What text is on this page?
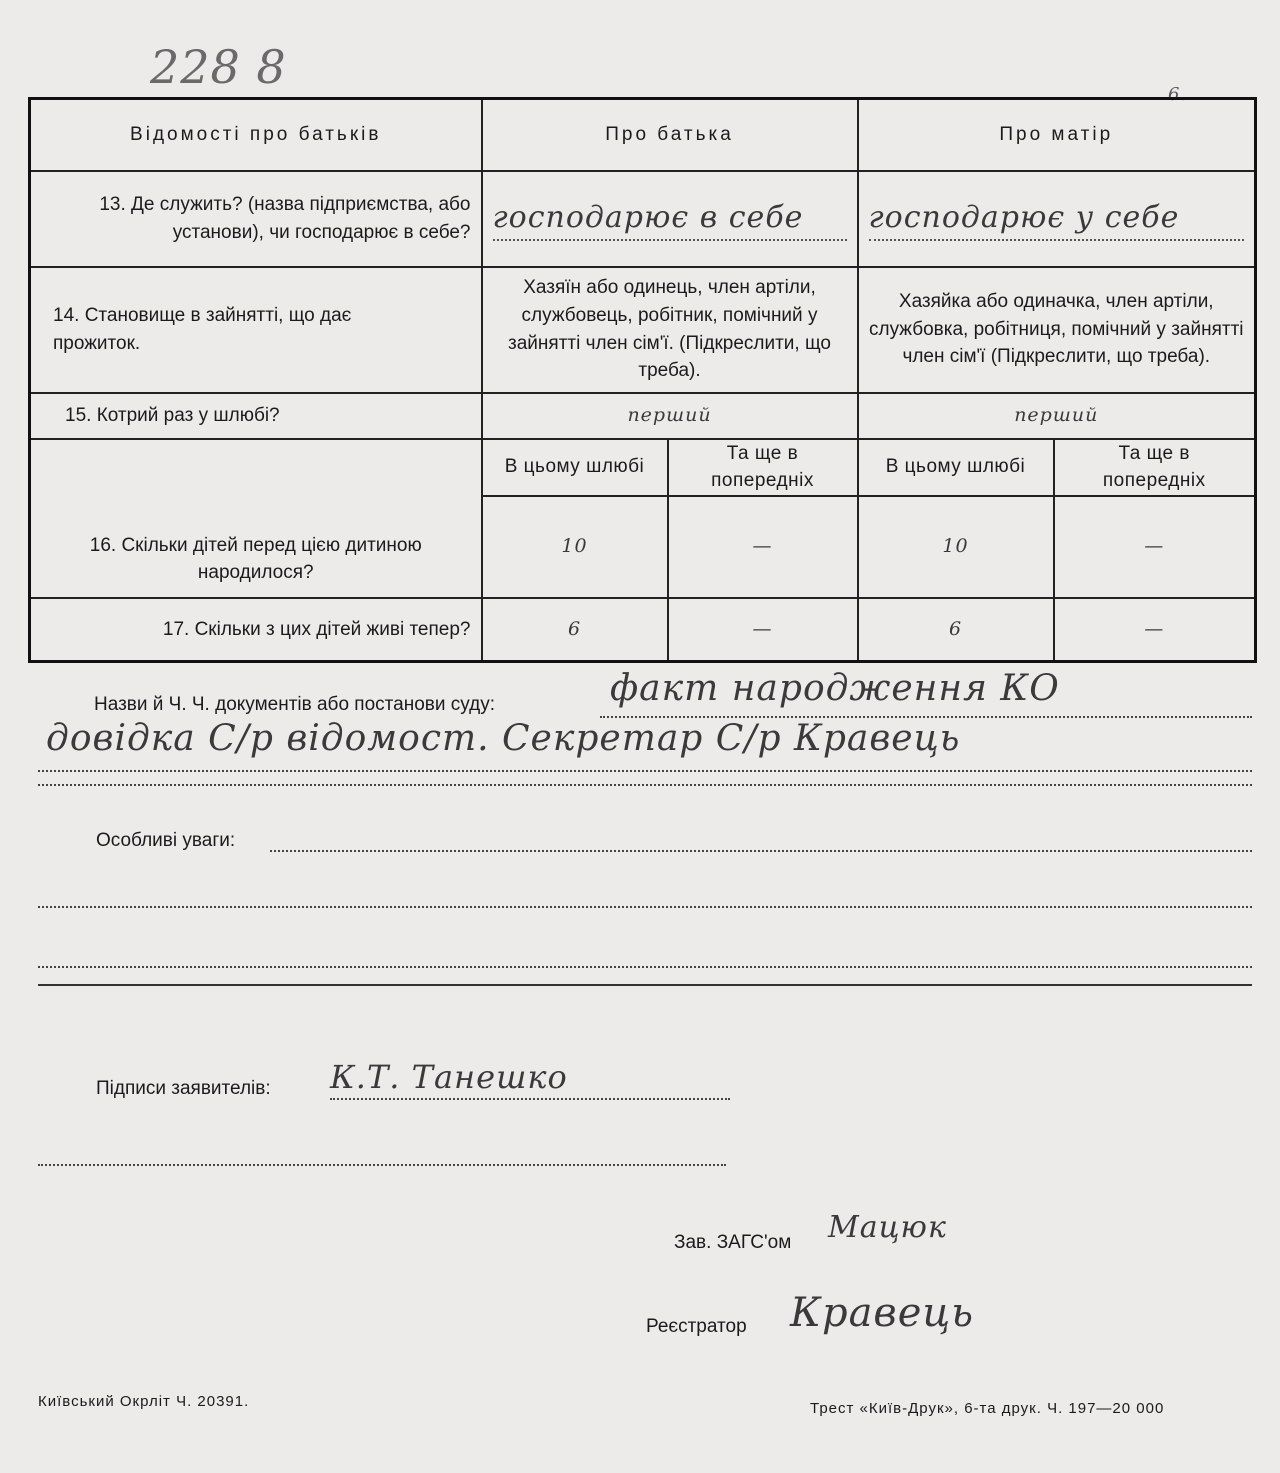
228 8
6.
Відомості про батьків	Про батька		Про матір	
13. Де служить? (назва підприємства, або установи), чи господарює в себе?	господарює в себе		господарює у себе	

14. Становище в зайнятті, що дає прожиток.	Хазяїн або одинець, член артіли, службовець, робітник, помічний у зайнятті член сім'ї. (Підкреслити, що треба).		Хазяйка або одиначка, член артіли, службовка, робітниця, помічний у зайнятті член сім'ї (Підкреслити, що треба).	
15. Котрий раз у шлюбі?	перший		перший	
16. Скільки дітей перед цією дитиною народилося?	В цьому шлюбі	Та ще в попередніх	В цьому шлюбі	Та ще в попередніх
	10	—	10	—
17. Скільки з цих дітей живі тепер?	6	—	6	—
Назви й Ч. Ч. документів або постанови суду:	факт народження КО
довідка С/р відомост. Секретар С/р Кравець
Особливі уваги:
Підписи заявителів: К.Т. Танешко
Зав. ЗАГС'ом Мацюк
Реєстратор Кравець
Київський Окрліт Ч. 20391.	Трест «Київ-Друк», 6-та друк. Ч. 197—20 000
